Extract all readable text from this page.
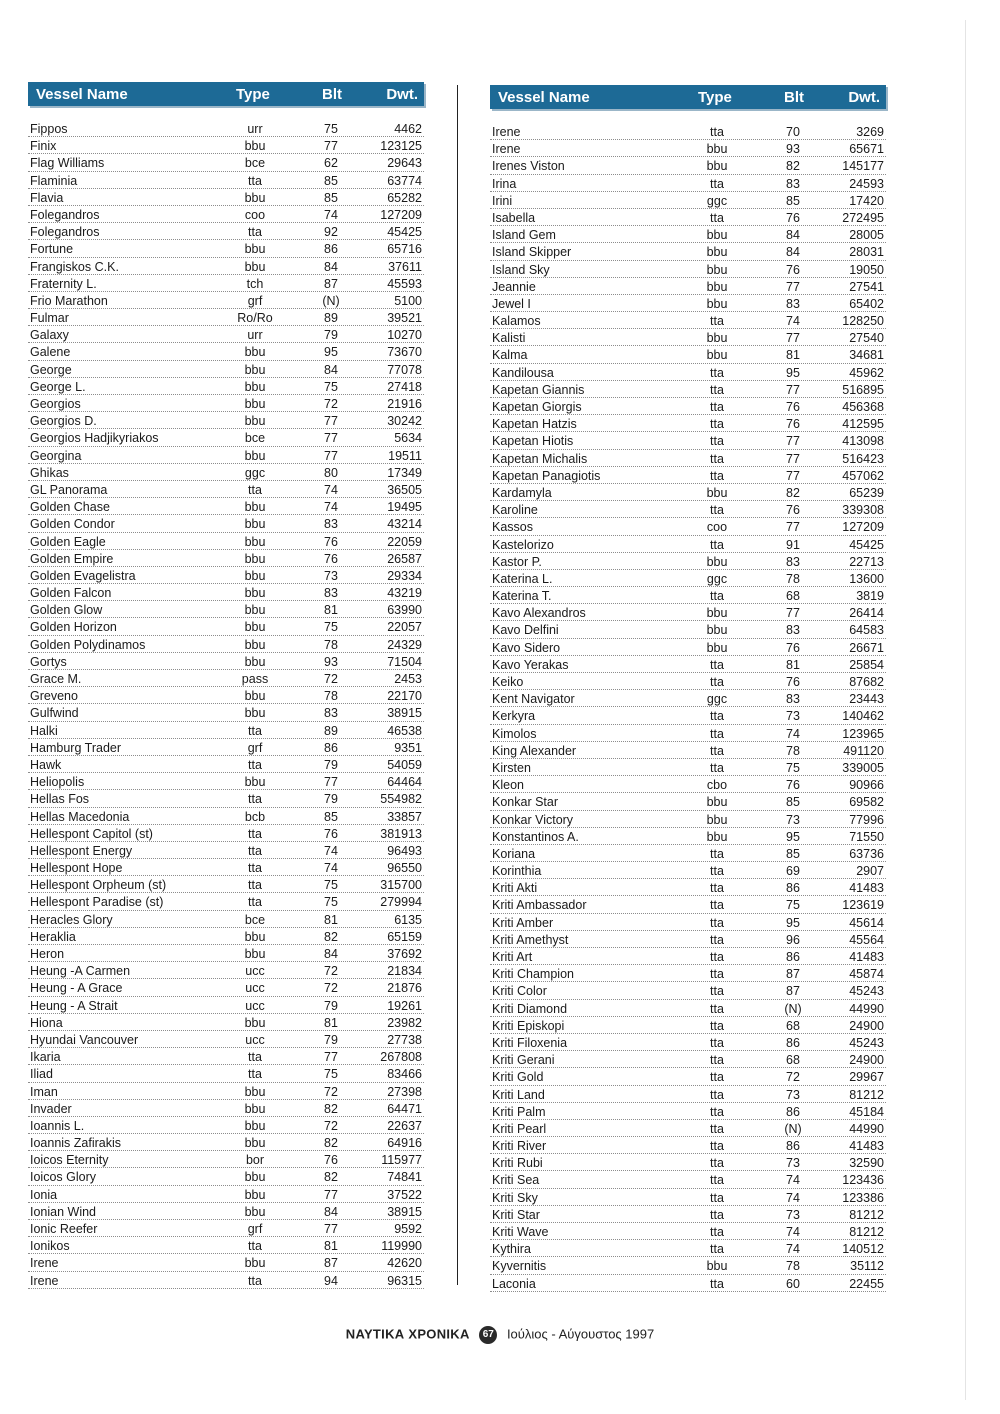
Vessel Name	Type	Blt	Dwt.
Fippos	urr	75	4462
Finix	bbu	77	123125
Flag Williams	bce	62	29643
Flaminia	tta	85	63774
Flavia	bbu	85	65282
Folegandros	coo	74	127209
Folegandros	tta	92	45425
Fortune	bbu	86	65716
Frangiskos C.K.	bbu	84	37611
Fraternity L.	tch	87	45593
Frio Marathon	grf	(N)	5100
Fulmar	Ro/Ro	89	39521
Galaxy	urr	79	10270
Galene	bbu	95	73670
George	bbu	84	77078
George L.	bbu	75	27418
Georgios	bbu	72	21916
Georgios D.	bbu	77	30242
Georgios Hadjikyriakos	bce	77	5634
Georgina	bbu	77	19511
Ghikas	ggc	80	17349
GL Panorama	tta	74	36505
Golden Chase	bbu	74	19495
Golden Condor	bbu	83	43214
Golden Eagle	bbu	76	22059
Golden Empire	bbu	76	26587
Golden Evagelistra	bbu	73	29334
Golden Falcon	bbu	83	43219
Golden Glow	bbu	81	63990
Golden Horizon	bbu	75	22057
Golden Polydinamos	bbu	78	24329
Gortys	bbu	93	71504
Grace M.	pass	72	2453
Greveno	bbu	78	22170
Gulfwind	bbu	83	38915
Halki	tta	89	46538
Hamburg Trader	grf	86	9351
Hawk	tta	79	54059
Heliopolis	bbu	77	64464
Hellas Fos	tta	79	554982
Hellas Macedonia	bcb	85	33857
Hellespont Capitol (st)	tta	76	381913
Hellespont Energy	tta	74	96493
Hellespont Hope	tta	74	96550
Hellespont Orpheum (st)	tta	75	315700
Hellespont Paradise (st)	tta	75	279994
Heracles Glory	bce	81	6135
Heraklia	bbu	82	65159
Heron	bbu	84	37692
Heung -A Carmen	ucc	72	21834
Heung - A Grace	ucc	72	21876
Heung - A Strait	ucc	79	19261
Hiona	bbu	81	23982
Hyundai Vancouver	ucc	79	27738
Ikaria	tta	77	267808
Iliad	tta	75	83466
Iman	bbu	72	27398
Invader	bbu	82	64471
Ioannis L.	bbu	72	22637
Ioannis Zafirakis	bbu	82	64916
Ioicos Eternity	bor	76	115977
Ioicos Glory	bbu	82	74841
Ionia	bbu	77	37522
Ionian Wind	bbu	84	38915
Ionic Reefer	grf	77	9592
Ionikos	tta	81	119990
Irene	bbu	87	42620
Irene	tta	94	96315
Vessel Name	Type	Blt	Dwt.
Irene	tta	70	3269
Irene	bbu	93	65671
Irenes Viston	bbu	82	145177
Irina	tta	83	24593
Irini	ggc	85	17420
Isabella	tta	76	272495
Island Gem	bbu	84	28005
Island Skipper	bbu	84	28031
Island Sky	bbu	76	19050
Jeannie	bbu	77	27541
Jewel I	bbu	83	65402
Kalamos	tta	74	128250
Kalisti	bbu	77	27540
Kalma	bbu	81	34681
Kandilousa	tta	95	45962
Kapetan Giannis	tta	77	516895
Kapetan Giorgis	tta	76	456368
Kapetan Hatzis	tta	76	412595
Kapetan Hiotis	tta	77	413098
Kapetan Michalis	tta	77	516423
Kapetan Panagiotis	tta	77	457062
Kardamyla	bbu	82	65239
Karoline	tta	76	339308
Kassos	coo	77	127209
Kastelorizo	tta	91	45425
Kastor P.	bbu	83	22713
Katerina L.	ggc	78	13600
Katerina T.	tta	68	3819
Kavo Alexandros	bbu	77	26414
Kavo Delfini	bbu	83	64583
Kavo Sidero	bbu	76	26671
Kavo Yerakas	tta	81	25854
Keiko	tta	76	87682
Kent Navigator	ggc	83	23443
Kerkyra	tta	73	140462
Kimolos	tta	74	123965
King Alexander	tta	78	491120
Kirsten	tta	75	339005
Kleon	cbo	76	90966
Konkar Star	bbu	85	69582
Konkar Victory	bbu	73	77996
Konstantinos A.	bbu	95	71550
Koriana	tta	85	63736
Korinthia	tta	69	2907
Kriti Akti	tta	86	41483
Kriti Ambassador	tta	75	123619
Kriti Amber	tta	95	45614
Kriti Amethyst	tta	96	45564
Kriti Art	tta	86	41483
Kriti Champion	tta	87	45874
Kriti Color	tta	87	45243
Kriti Diamond	tta	(N)	44990
Kriti Episkopi	tta	68	24900
Kriti Filoxenia	tta	86	45243
Kriti Gerani	tta	68	24900
Kriti Gold	tta	72	29967
Kriti Land	tta	73	81212
Kriti Palm	tta	86	45184
Kriti Pearl	tta	(N)	44990
Kriti River	tta	86	41483
Kriti Rubi	tta	73	32590
Kriti Sea	tta	74	123436
Kriti Sky	tta	74	123386
Kriti Star	tta	73	81212
Kriti Wave	tta	74	81212
Kythira	tta	74	140512
Kyvernitis	bbu	78	35112
Laconia	tta	60	22455
ΝΑΥΤΙΚΑ ΧΡΟΝΙΚΑ 67 Ιούλιος - Αύγουστος 1997
